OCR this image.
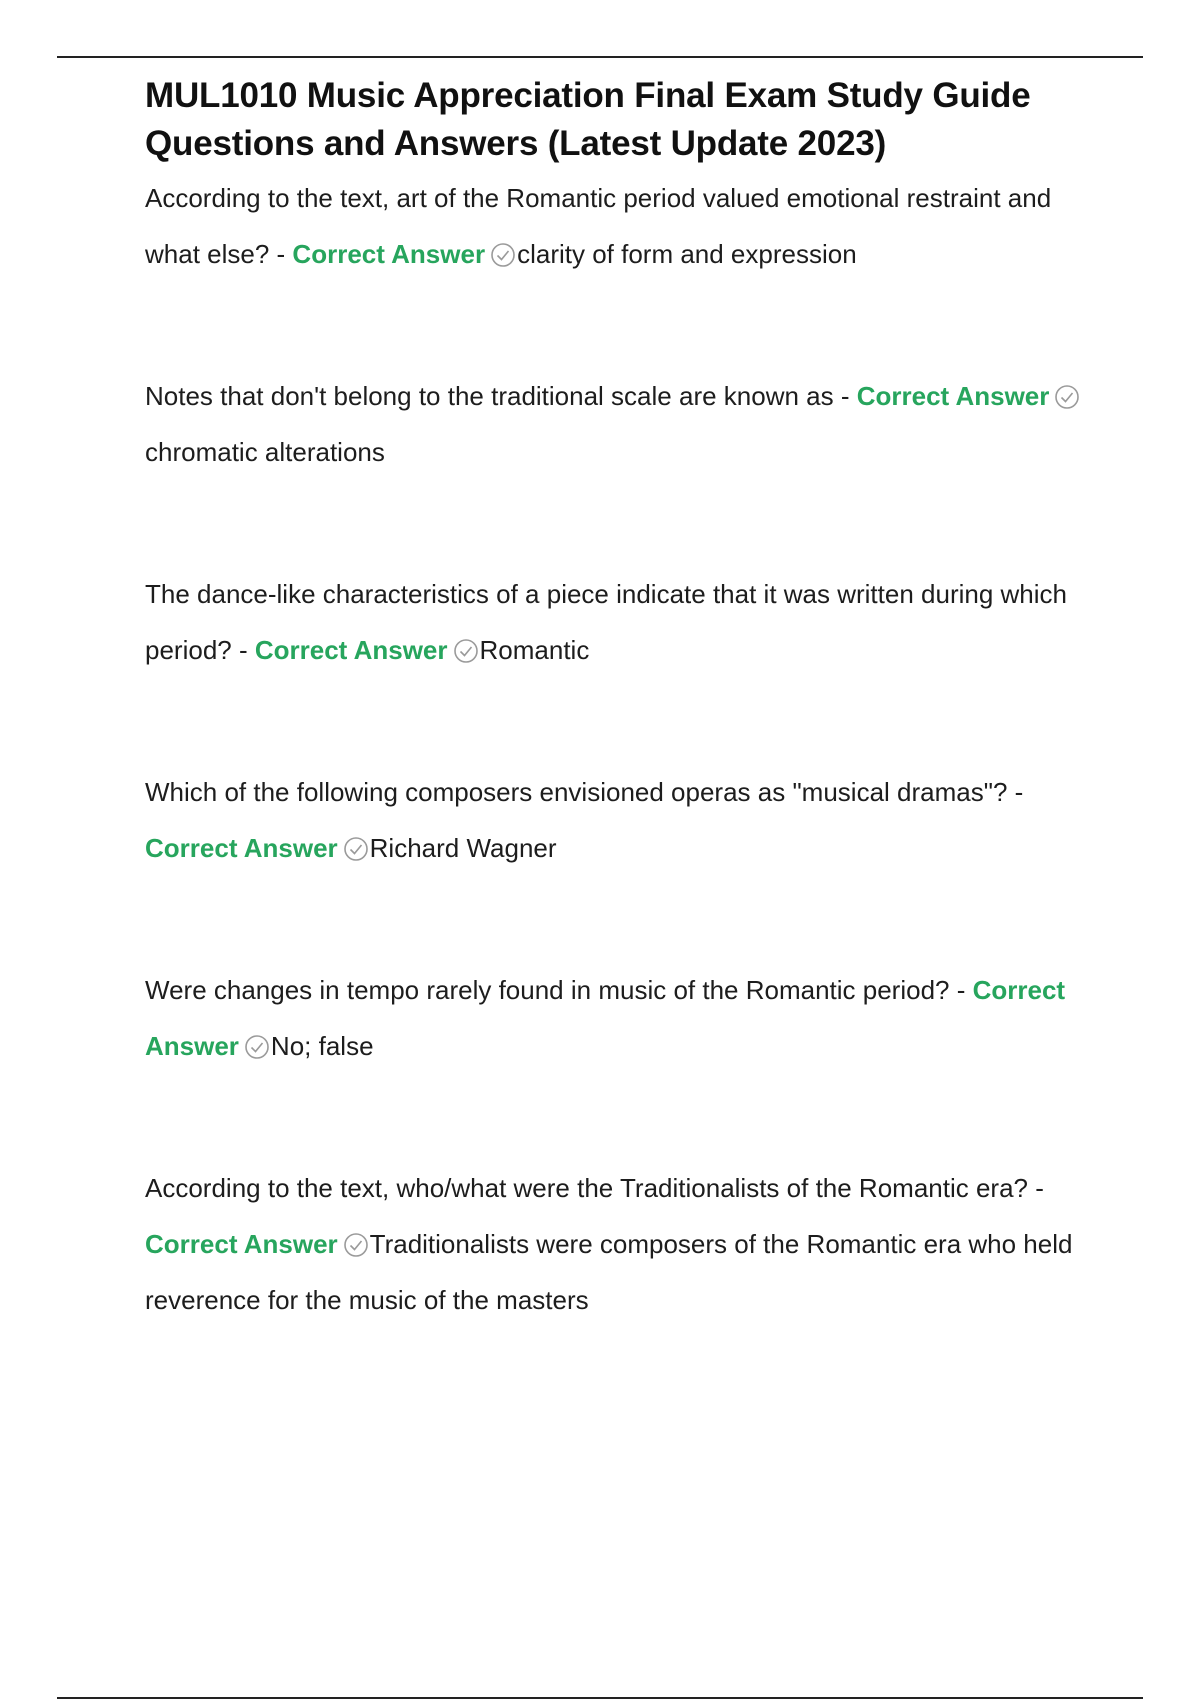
MUL1010 Music Appreciation Final Exam Study Guide Questions and Answers (Latest Update 2023)

According to the text, art of the Romantic period valued emotional restraint and what else? - Correct Answer clarity of form and expression

Notes that don't belong to the traditional scale are known as - Correct Answer
chromatic alterations

The dance-like characteristics of a piece indicate that it was written during which period? - Correct Answer Romantic

Which of the following composers envisioned operas as "musical dramas"? - Correct Answer Richard Wagner

Were changes in tempo rarely found in music of the Romantic period? - Correct Answer No; false

According to the text, who/what were the Traditionalists of the Romantic era? - Correct Answer Traditionalists were composers of the Romantic era who held reverence for the music of the masters
